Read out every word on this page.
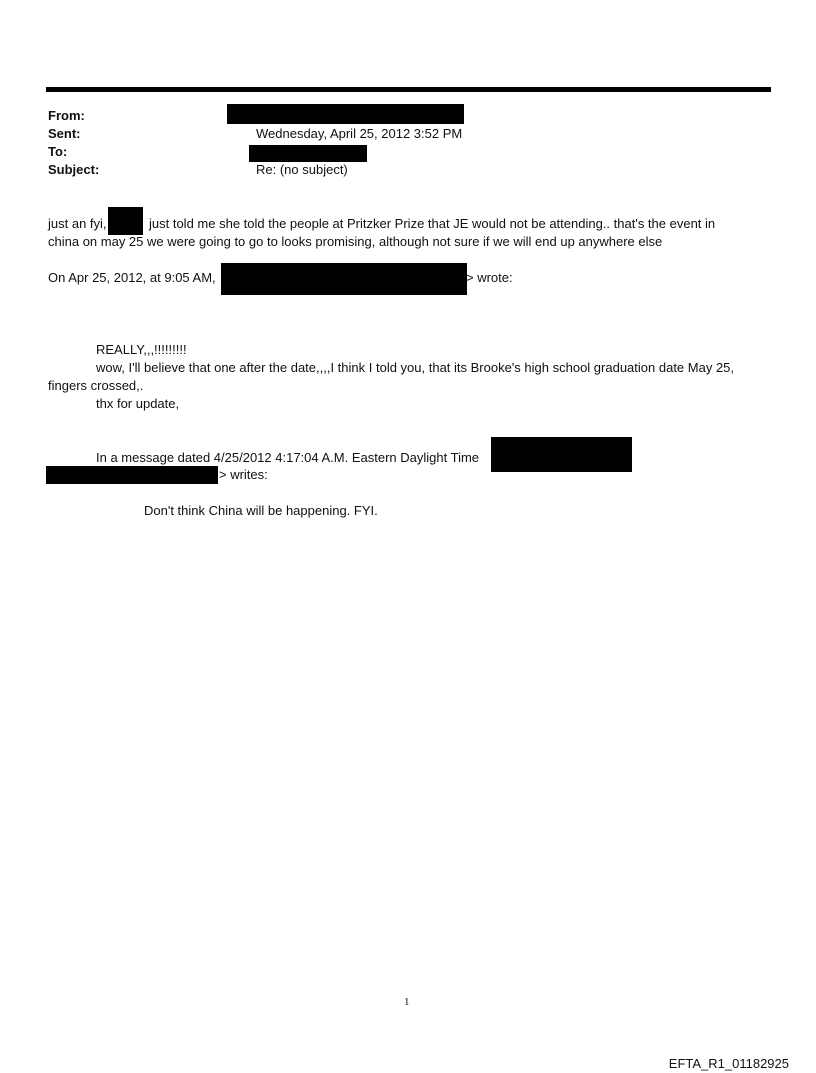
From:
Sent:	Wednesday, April 25, 2012 3:52 PM
To:
Subject:	Re: (no subject)
just an fyi,	just told me she told the people at Pritzker Prize that JE would not be attending.. that's the event in
china on may 25 we were going to go to looks promising, although not sure if we will end up anywhere else
On Apr 25, 2012, at 9:05 AM,	> wrote:
REALLY,,,!!!!!!!!!
wow, I'll believe that one after the date,,,,I think I told you, that its Brooke's high school graduation date May 25,
fingers crossed,.
thx for update,
In a message dated 4/25/2012 4:17:04 A.M. Eastern Daylight Time
> writes:
Don't think China will be happening. FYI.
1
EFTA_R1_01182925
